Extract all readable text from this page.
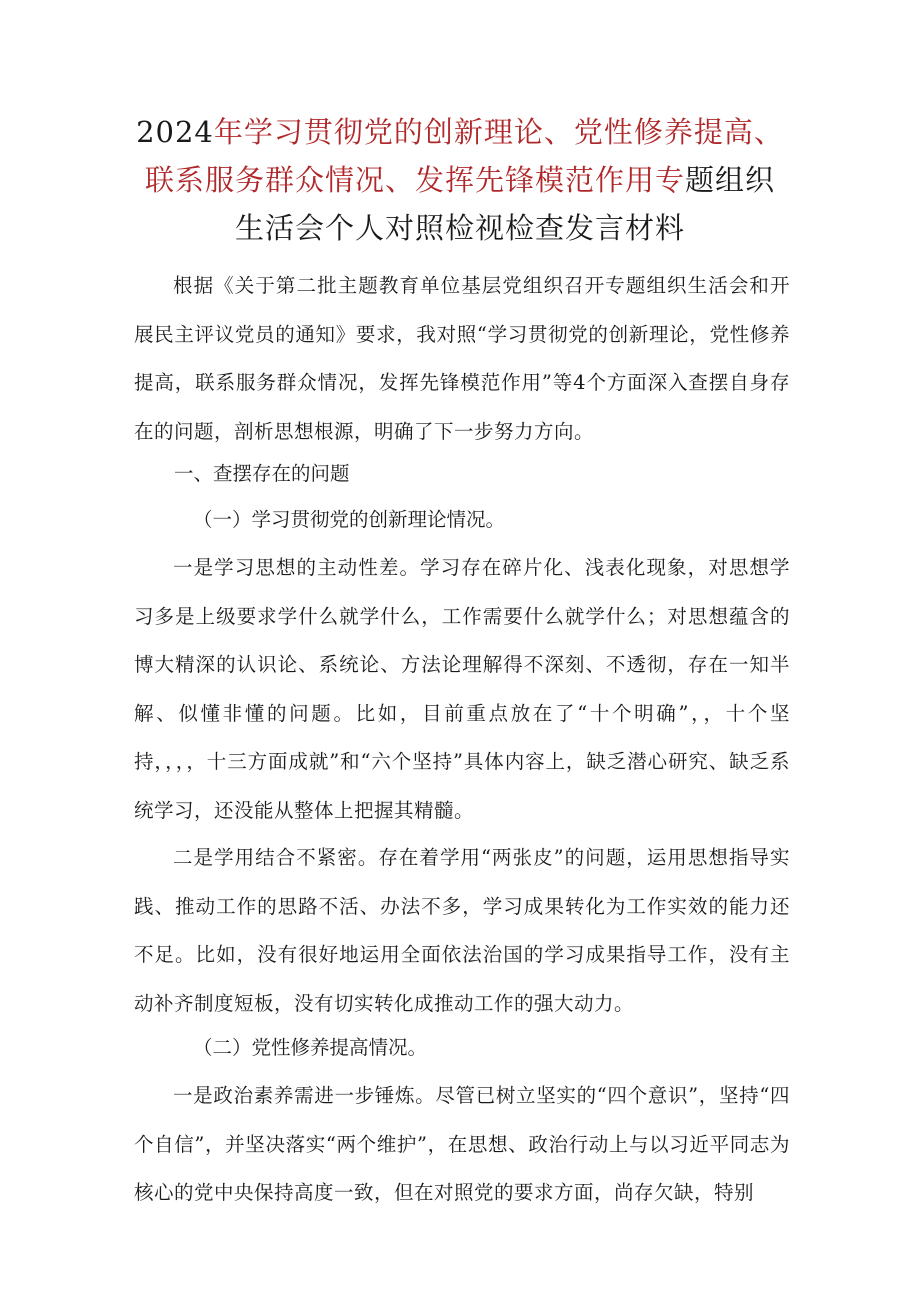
2024年学习贯彻党的创新理论、党性修养提高、联系服务群众情况、发挥先锋模范作用专题组织生活会个人对照检视检查发言材料

根据《关于第二批主题教育单位基层党组织召开专题组织生活会和开展民主评议党员的通知》要求，我对照“学习贯彻党的创新理论，党性修养提高，联系服务群众情况，发挥先锋模范作用”等4个方面深入查摆自身存在的问题，剖析思想根源，明确了下一步努力方向。

一、查摆存在的问题

（一）学习贯彻党的创新理论情况。

一是学习思想的主动性差。学习存在碎片化、浅表化现象，对思想学习多是上级要求学什么就学什么，工作需要什么就学什么；对思想蕴含的博大精深的认识论、系统论、方法论理解得不深刻、不透彻，存在一知半解、似懂非懂的问题。比如，目前重点放在了“十个明确”，，十个坚持，，，，十三方面成就”和“六个坚持”具体内容上，缺乏潜心研究、缺乏系统学习，还没能从整体上把握其精髓。

二是学用结合不紧密。存在着学用“两张皮”的问题，运用思想指导实践、推动工作的思路不活、办法不多，学习成果转化为工作实效的能力还不足。比如，没有很好地运用全面依法治国的学习成果指导工作，没有主动补齐制度短板，没有切实转化成推动工作的强大动力。

（二）党性修养提高情况。

一是政治素养需进一步锤炼。尽管已树立坚实的“四个意识”，坚持“四个自信”，并坚决落实“两个维护”，在思想、政治行动上与以习近平同志为核心的党中央保持高度一致，但在对照党的要求方面，尚存欠缺，特别
